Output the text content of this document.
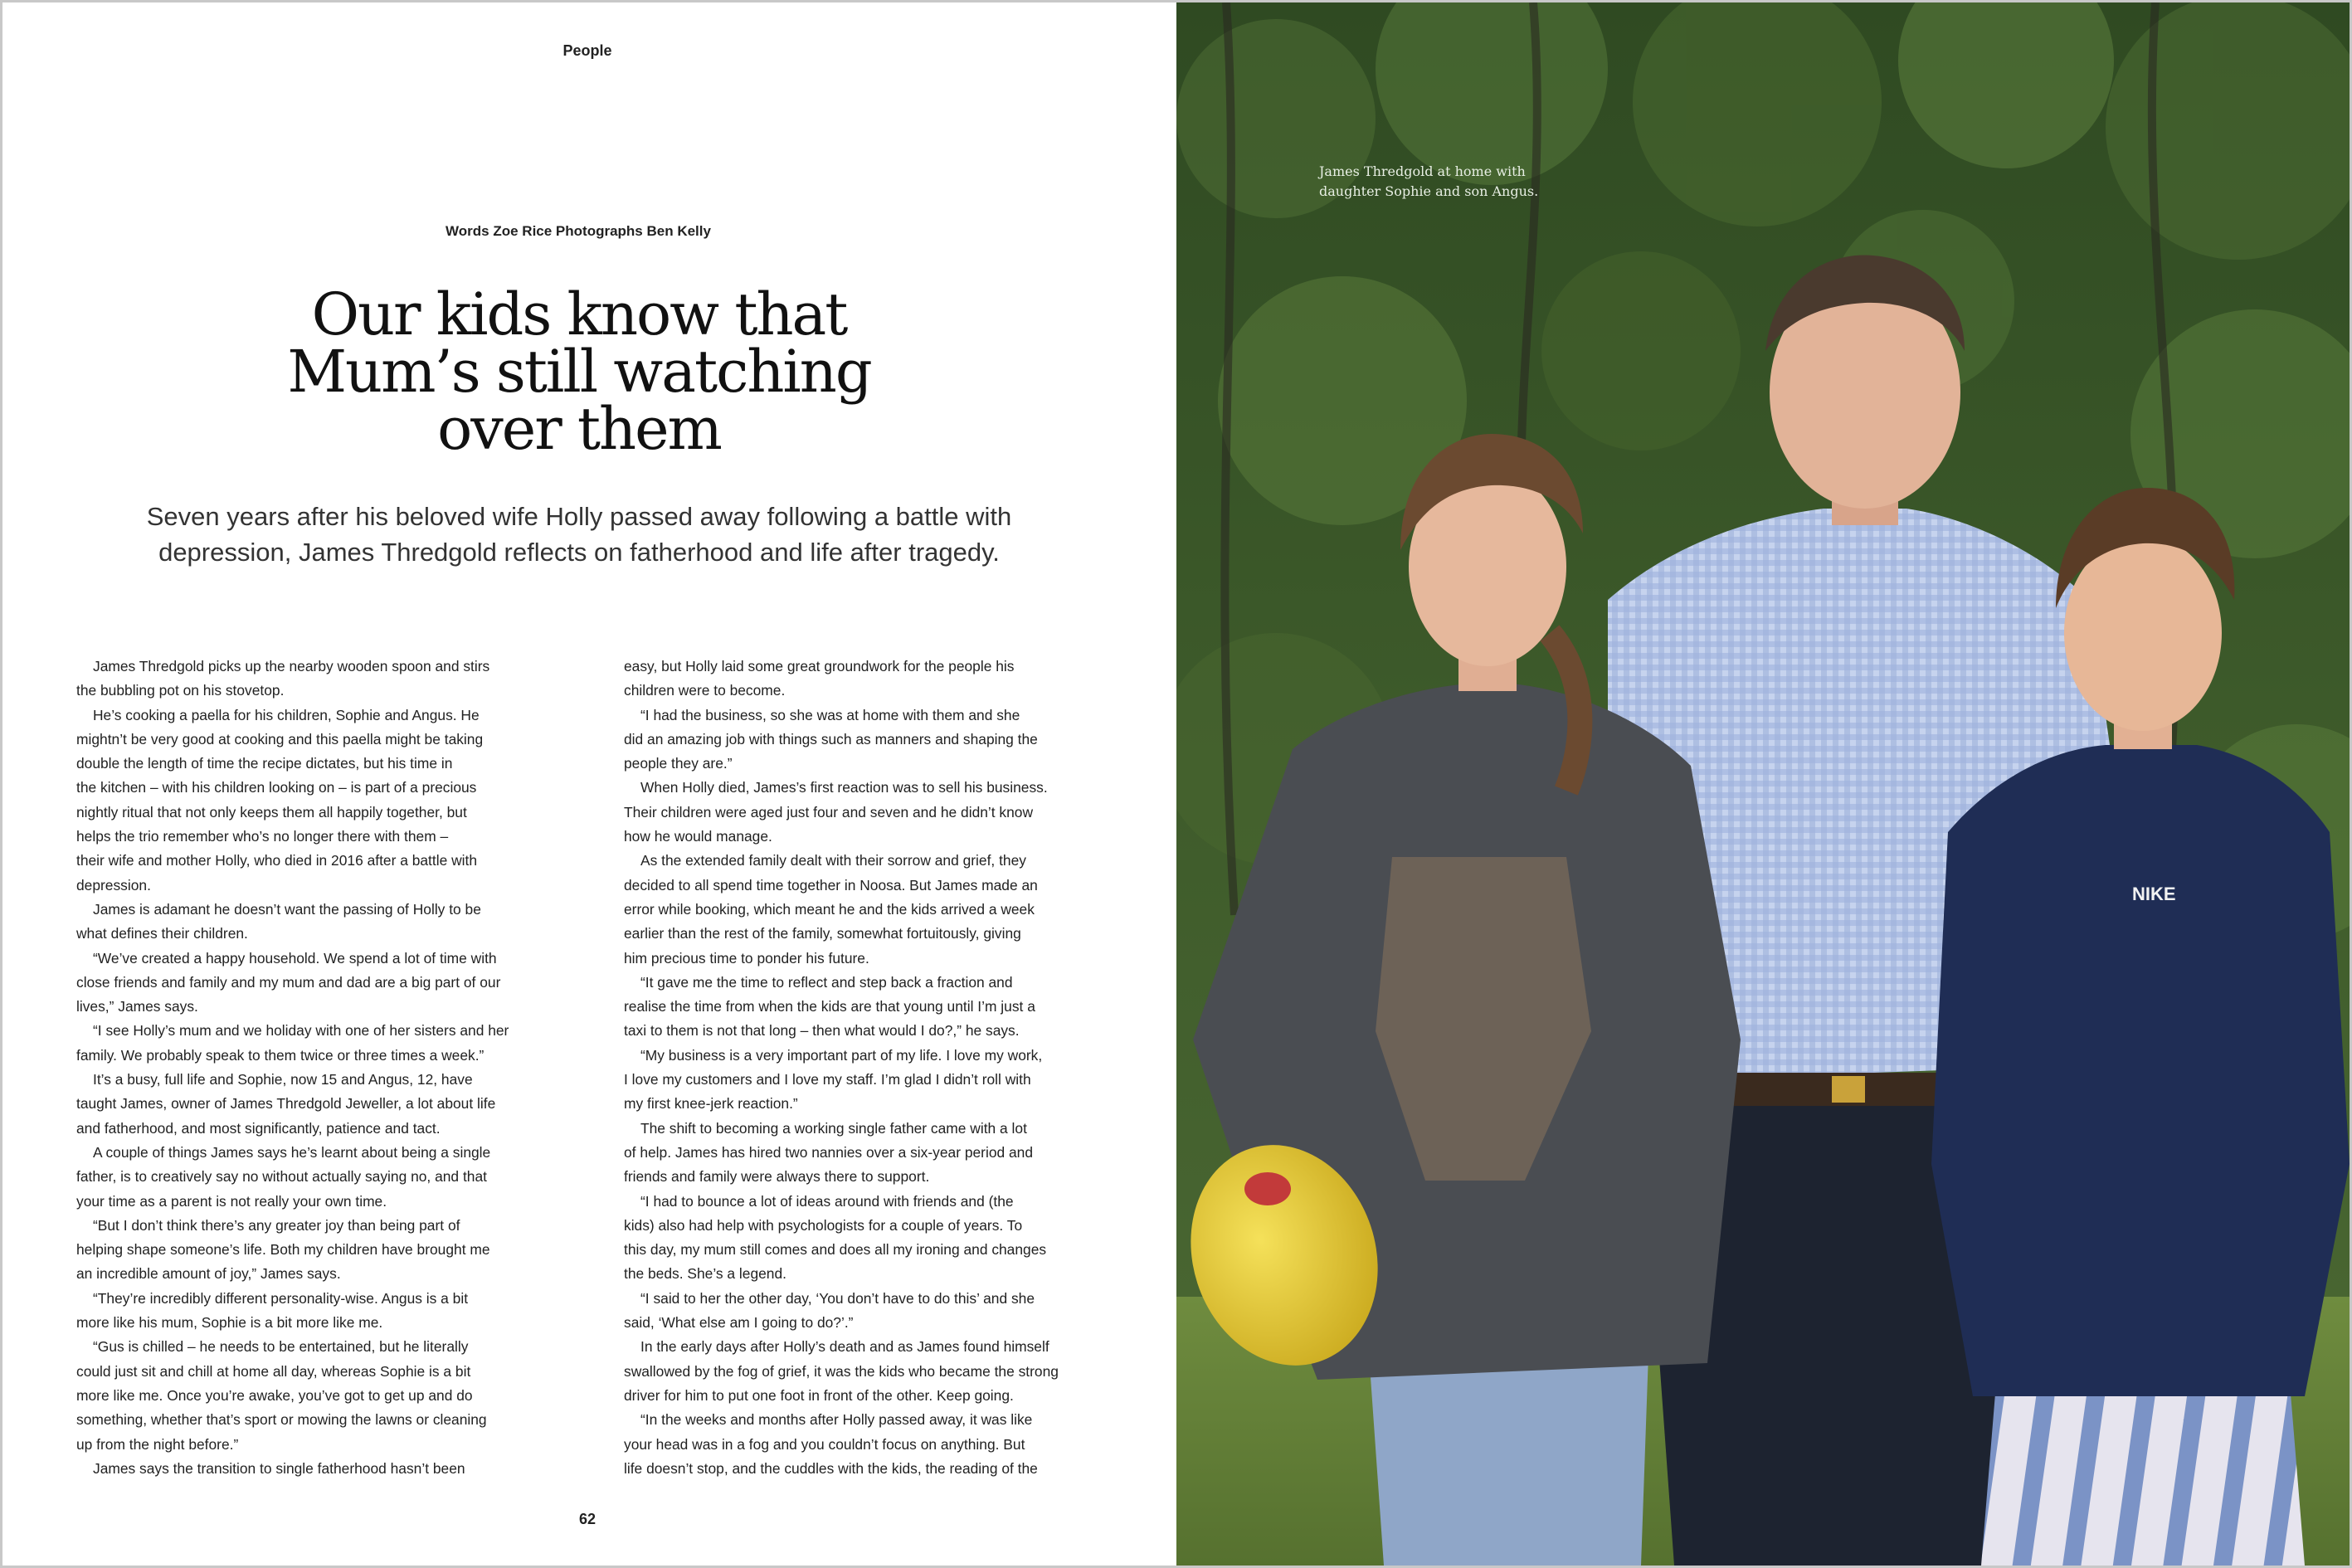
People
Words Zoe Rice Photographs Ben Kelly
Our kids know that
Mum’s still watching
over them
Seven years after his beloved wife Holly passed away following a battle with
depression, James Thredgold reflects on fatherhood and life after tragedy.
James Thredgold picks up the nearby wooden spoon and stirs
the bubbling pot on his stovetop.
He’s cooking a paella for his children, Sophie and Angus. He
mightn’t be very good at cooking and this paella might be taking
double the length of time the recipe dictates, but his time in
the kitchen – with his children looking on – is part of a precious
nightly ritual that not only keeps them all happily together, but
helps the trio remember who’s no longer there with them –
their wife and mother Holly, who died in 2016 after a battle with
depression.
James is adamant he doesn’t want the passing of Holly to be
what defines their children.
“We’ve created a happy household. We spend a lot of time with
close friends and family and my mum and dad are a big part of our
lives,” James says.
“I see Holly’s mum and we holiday with one of her sisters and her
family. We probably speak to them twice or three times a week.”
It’s a busy, full life and Sophie, now 15 and Angus, 12, have
taught James, owner of James Thredgold Jeweller, a lot about life
and fatherhood, and most significantly, patience and tact.
A couple of things James says he’s learnt about being a single
father, is to creatively say no without actually saying no, and that
your time as a parent is not really your own time.
“But I don’t think there’s any greater joy than being part of
helping shape someone’s life. Both my children have brought me
an incredible amount of joy,” James says.
“They’re incredibly different personality-wise. Angus is a bit
more like his mum, Sophie is a bit more like me.
“Gus is chilled – he needs to be entertained, but he literally
could just sit and chill at home all day, whereas Sophie is a bit
more like me. Once you’re awake, you’ve got to get up and do
something, whether that’s sport or mowing the lawns or cleaning
up from the night before.”
James says the transition to single fatherhood hasn’t been
easy, but Holly laid some great groundwork for the people his
children were to become.
“I had the business, so she was at home with them and she
did an amazing job with things such as manners and shaping the
people they are.”
When Holly died, James’s first reaction was to sell his business.
Their children were aged just four and seven and he didn’t know
how he would manage.
As the extended family dealt with their sorrow and grief, they
decided to all spend time together in Noosa. But James made an
error while booking, which meant he and the kids arrived a week
earlier than the rest of the family, somewhat fortuitously, giving
him precious time to ponder his future.
“It gave me the time to reflect and step back a fraction and
realise the time from when the kids are that young until I’m just a
taxi to them is not that long – then what would I do?,” he says.
“My business is a very important part of my life. I love my work,
I love my customers and I love my staff. I’m glad I didn’t roll with
my first knee-jerk reaction.”
The shift to becoming a working single father came with a lot
of help. James has hired two nannies over a six-year period and
friends and family were always there to support.
“I had to bounce a lot of ideas around with friends and (the
kids) also had help with psychologists for a couple of years. To
this day, my mum still comes and does all my ironing and changes
the beds. She’s a legend.
“I said to her the other day, ‘You don’t have to do this’ and she
said, ‘What else am I going to do?’.”
In the early days after Holly’s death and as James found himself
swallowed by the fog of grief, it was the kids who became the strong
driver for him to put one foot in front of the other. Keep going.
“In the weeks and months after Holly passed away, it was like
your head was in a fog and you couldn’t focus on anything. But
life doesn’t stop, and the cuddles with the kids, the reading of the
62
NIKE
James Thredgold at home with
daughter Sophie and son Angus.
